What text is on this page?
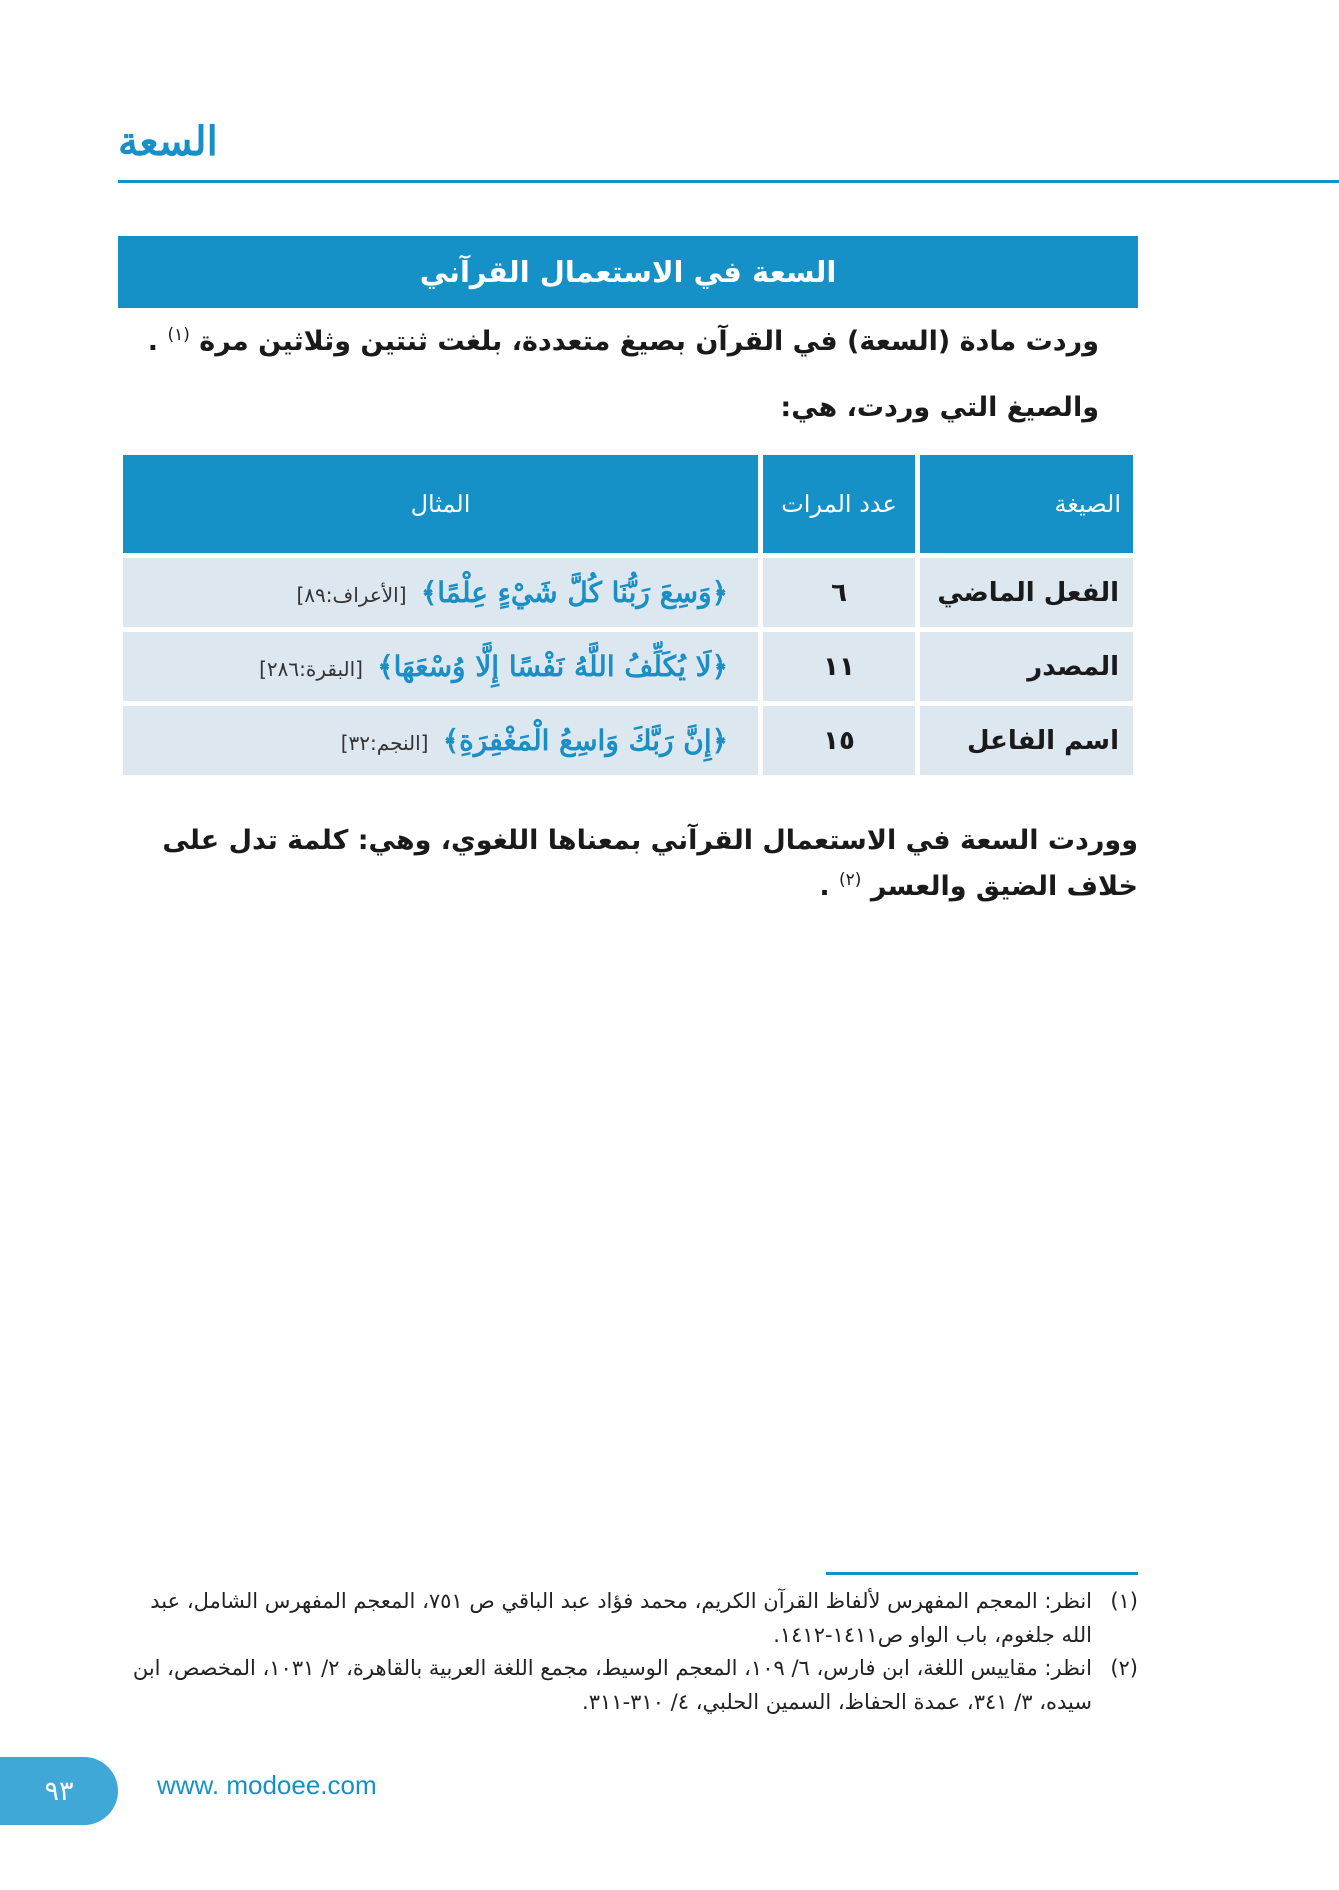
السعة
السعة في الاستعمال القرآني
وردت مادة (السعة) في القرآن بصيغ متعددة، بلغت ثنتين وثلاثين مرة $^{(١)}$ .
والصيغ التي وردت، هي:
الصيغة	عدد المرات	المثال
الفعل الماضي	٦	﴿وَسِعَ رَبُّنَا كُلَّ شَيْءٍ عِلْمًا﴾ [الأعراف:٨٩]
المصدر	١١	﴿لَا يُكَلِّفُ اللَّهُ نَفْسًا إِلَّا وُسْعَهَا﴾ [البقرة:٢٨٦]
اسم الفاعل	١٥	﴿إِنَّ رَبَّكَ وَاسِعُ الْمَغْفِرَةِ﴾ [النجم:٣٢]
ووردت السعة في الاستعمال القرآني بمعناها اللغوي، وهي: كلمة تدل على خلاف الضيق والعسر $^{(٢)}$ .
(١)
انظر: المعجم المفهرس لألفاظ القرآن الكريم، محمد فؤاد عبد الباقي ص ٧٥١، المعجم المفهرس الشامل، عبد الله جلغوم، باب الواو ص١٤١١-١٤١٢.
(٢)
انظر: مقاييس اللغة، ابن فارس، ٦/ ١٠٩، المعجم الوسيط، مجمع اللغة العربية بالقاهرة، ٢/ ١٠٣١، المخصص، ابن سيده، ٣/ ٣٤١، عمدة الحفاظ، السمين الحلبي، ٤/ ٣١٠-٣١١.
٩٣	www. modoee.com
